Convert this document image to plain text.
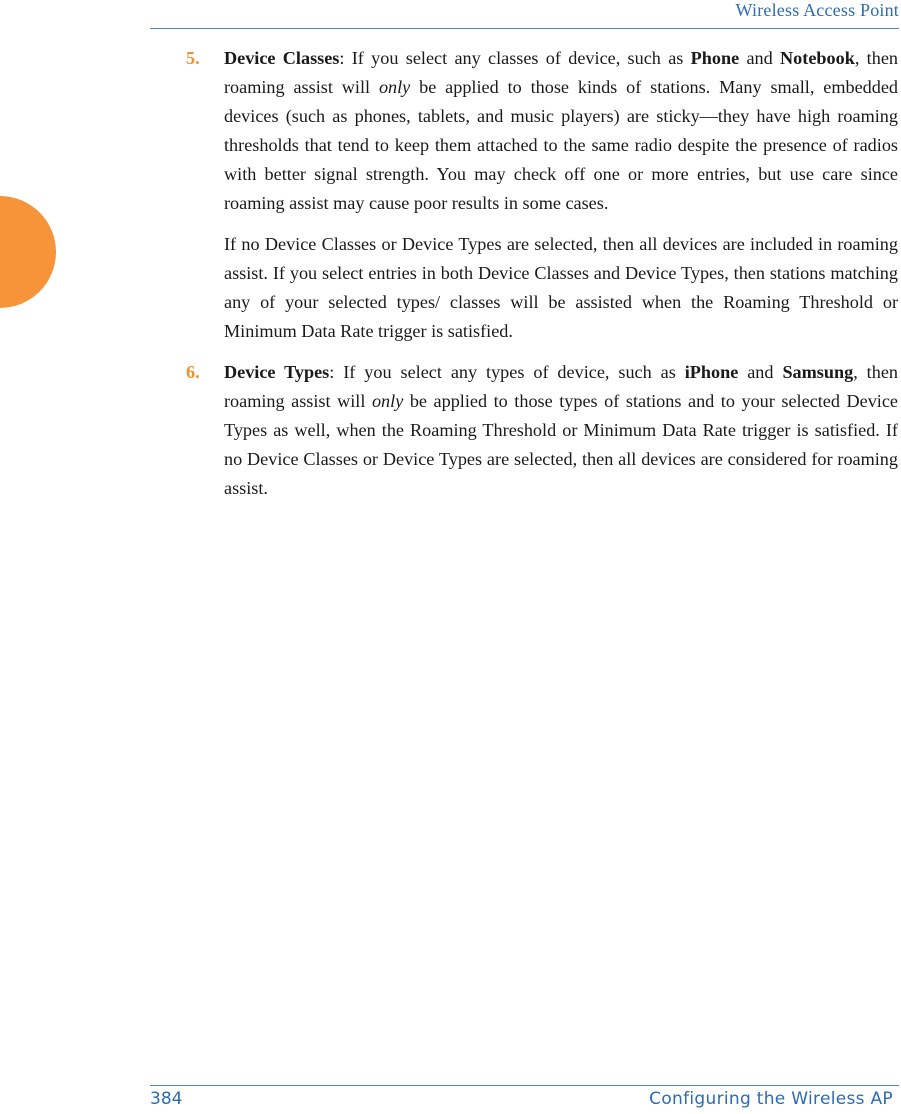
Wireless Access Point
5. Device Classes: If you select any classes of device, such as Phone and Notebook, then roaming assist will only be applied to those kinds of stations. Many small, embedded devices (such as phones, tablets, and music players) are sticky—they have high roaming thresholds that tend to keep them attached to the same radio despite the presence of radios with better signal strength. You may check off one or more entries, but use care since roaming assist may cause poor results in some cases.

If no Device Classes or Device Types are selected, then all devices are included in roaming assist. If you select entries in both Device Classes and Device Types, then stations matching any of your selected types/ classes will be assisted when the Roaming Threshold or Minimum Data Rate trigger is satisfied.

6. Device Types: If you select any types of device, such as iPhone and Samsung, then roaming assist will only be applied to those types of stations and to your selected Device Types as well, when the Roaming Threshold or Minimum Data Rate trigger is satisfied. If no Device Classes or Device Types are selected, then all devices are considered for roaming assist.

384	Configuring the Wireless AP
